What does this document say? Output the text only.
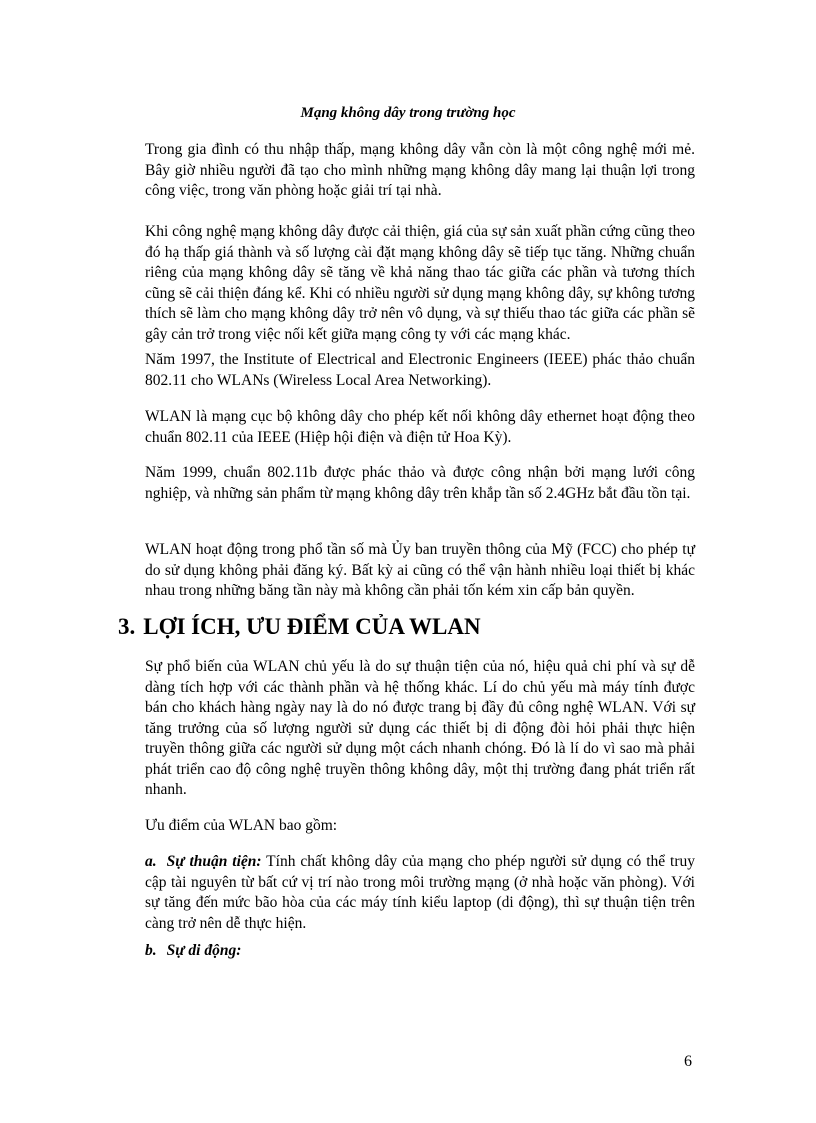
Mạng không dây trong trường học

Trong gia đình có thu nhập thấp, mạng không dây vẫn còn là một công nghệ mới mẻ. Bây giờ nhiều người đã tạo cho mình những mạng không dây mang lại thuận lợi trong công việc, trong văn phòng hoặc giải trí tại nhà.

Khi công nghệ mạng không dây được cải thiện, giá của sự sản xuất phần cứng cũng theo đó hạ thấp giá thành và số lượng cài đặt mạng không dây sẽ tiếp tục tăng. Những chuẩn riêng của mạng không dây sẽ tăng về khả năng thao tác giữa các phần và tương thích cũng sẽ cải thiện đáng kể. Khi có nhiều người sử dụng mạng không dây, sự không tương thích sẽ làm cho mạng không dây trở nên vô dụng, và sự thiếu thao tác giữa các phần sẽ gây cản trở trong việc nối kết giữa mạng công ty với các mạng khác.

Năm 1997, the Institute of Electrical and Electronic Engineers (IEEE) phác thảo chuẩn 802.11 cho WLANs (Wireless Local Area Networking).

WLAN là mạng cục bộ không dây cho phép kết nối không dây ethernet hoạt động theo chuẩn 802.11 của IEEE (Hiệp hội điện và điện tử Hoa Kỳ).

Năm 1999, chuẩn 802.11b được phác thảo và được công nhận bởi mạng lưới công nghiệp, và những sản phẩm từ mạng không dây trên khắp tần số 2.4GHz bắt đầu tồn tại.

WLAN hoạt động trong phổ tần số mà Ủy ban truyền thông của Mỹ (FCC) cho phép tự do sử dụng không phải đăng ký. Bất kỳ ai cũng có thể vận hành nhiều loại thiết bị khác nhau trong những băng tần này mà không cần phải tốn kém xin cấp bản quyền.

3. LỢI ÍCH, ƯU ĐIỂM CỦA WLAN

Sự phổ biến của WLAN chủ yếu là do sự thuận tiện của nó, hiệu quả chi phí và sự dễ dàng tích hợp với các thành phần và hệ thống khác. Lí do chủ yếu mà máy tính được bán cho khách hàng ngày nay là do nó được trang bị đầy đủ công nghệ WLAN. Với sự tăng trưởng của số lượng người sử dụng các thiết bị di động đòi hỏi phải thực hiện truyền thông giữa các người sử dụng một cách nhanh chóng. Đó là lí do vì sao mà phải phát triển cao độ công nghệ truyền thông không dây, một thị trường đang phát triển rất nhanh.

Ưu điểm của WLAN bao gồm:

a. Sự thuận tiện: Tính chất không dây của mạng cho phép người sử dụng có thể truy cập tài nguyên từ bất cứ vị trí nào trong môi trường mạng (ở nhà hoặc văn phòng). Với sự tăng đến mức bão hòa của các máy tính kiểu laptop (di động), thì sự thuận tiện trên càng trở nên dễ thực hiện.

b. Sự di động:

6
